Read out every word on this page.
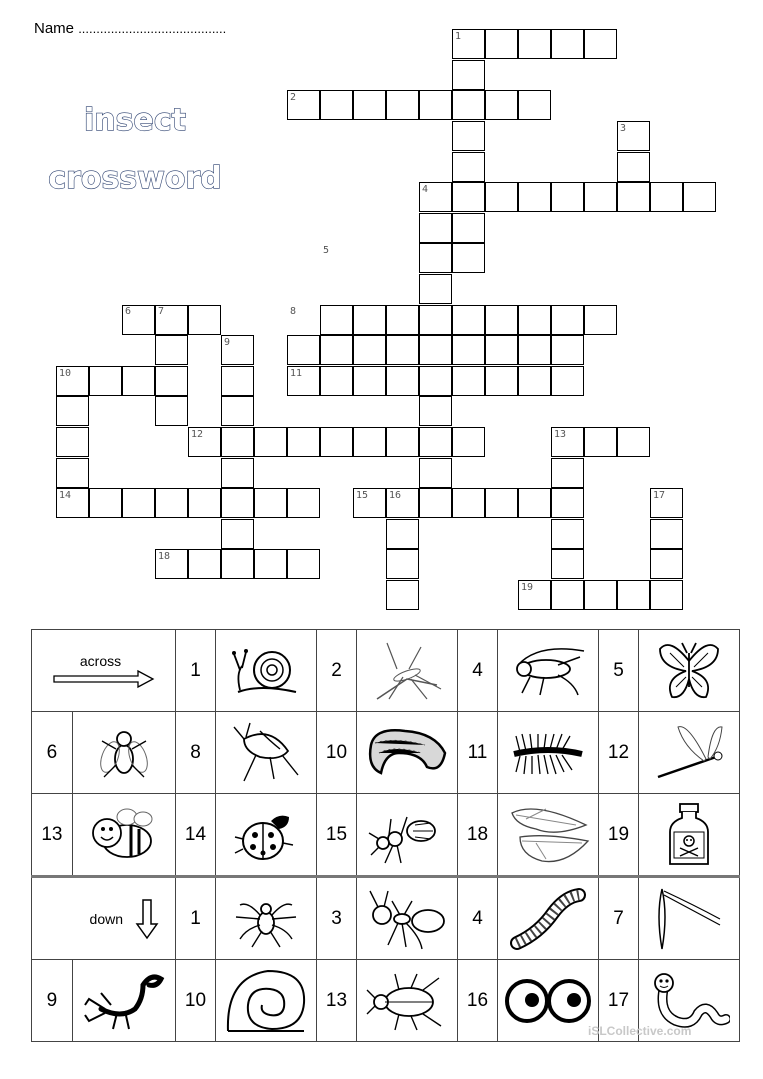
Name .........................................
insect
crossword
1
2
3
4
5
6	7	8
9
10	11
12	13
14	15 16	17
18
19
across		1		2		4		5	

6		8		10		11		12	

13		14		15		18		19	

down		1		3		4		7	

9		10		13		16		17	
iSLCollective.com
